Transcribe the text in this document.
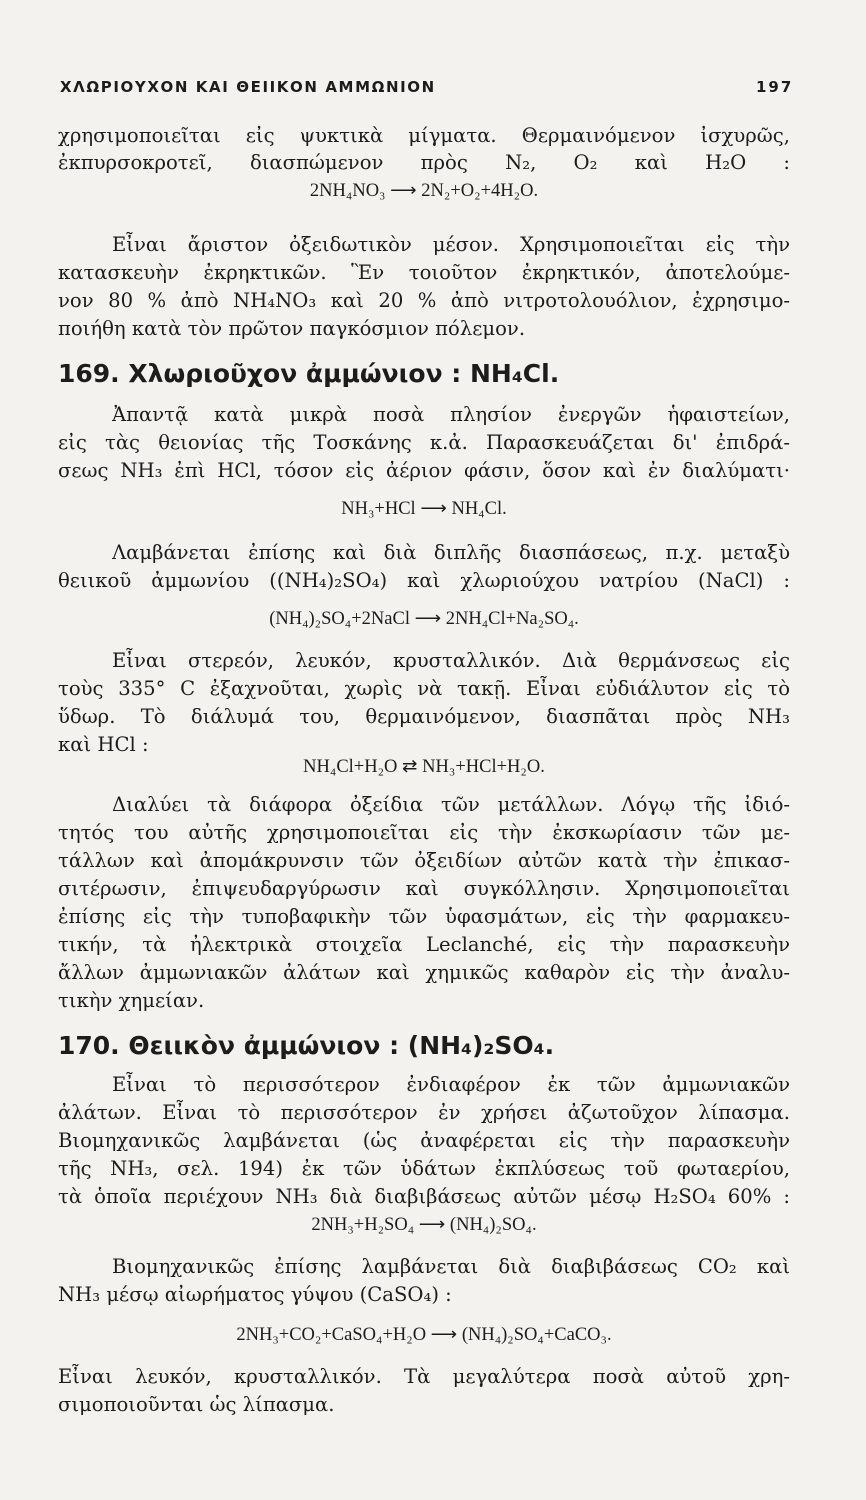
ΧΛΩΡΙΟΥΧΟΝ ΚΑΙ ΘΕΙΙΚΟΝ ΑΜΜΩΝΙΟΝ	197
χρησιμοποιεῖται εἰς ψυκτικὰ μίγματα. Θερμαινόμενον ἰσχυρῶς,
ἐκπυρσοκροτεῖ, διασπώμενον πρὸς N₂, O₂ καὶ H₂O :
2NH₄NO₃ ⟶ 2N₂+O₂+4H₂O.
Εἶναι ἄριστον ὀξειδωτικὸν μέσον. Χρησιμοποιεῖται εἰς τὴν
κατασκευὴν ἐκρηκτικῶν. Ἓν τοιοῦτον ἐκρηκτικόν, ἀποτελούμε-
νον 80 % ἀπὸ NH₄NO₃ καὶ 20 % ἀπὸ νιτροτολουόλιον, ἐχρησιμο-
ποιήθη κατὰ τὸν πρῶτον παγκόσμιον πόλεμον.
169. Χλωριοῦχον ἀμμώνιον : NH₄Cl.
Ἀπαντᾷ κατὰ μικρὰ ποσὰ πλησίον ἐνεργῶν ἡφαιστείων,
εἰς τὰς θειονίας τῆς Τοσκάνης κ.ἀ. Παρασκευάζεται δι' ἐπιδρά-
σεως NH₃ ἐπὶ HCl, τόσον εἰς ἀέριον φάσιν, ὅσον καὶ ἐν διαλύματι·
NH₃+HCl ⟶ NH₄Cl.
Λαμβάνεται ἐπίσης καὶ διὰ διπλῆς διασπάσεως, π.χ. μεταξὺ
θειικοῦ ἀμμωνίου ((NH₄)₂SO₄) καὶ χλωριούχου νατρίου (NaCl) :
(NH₄)₂SO₄+2NaCl ⟶ 2NH₄Cl+Na₂SO₄.
Εἶναι στερεόν, λευκόν, κρυσταλλικόν. Διὰ θερμάνσεως εἰς
τοὺς 335° C ἐξαχνοῦται, χωρὶς νὰ τακῇ. Εἶναι εὐδιάλυτον εἰς τὸ
ὕδωρ. Τὸ διάλυμά του, θερμαινόμενον, διασπᾶται πρὸς NH₃
καὶ HCl :
NH₄Cl+H₂O ⇄ NH₃+HCl+H₂O.
Διαλύει τὰ διάφορα ὀξείδια τῶν μετάλλων. Λόγῳ τῆς ἰδιό-
τητός του αὐτῆς χρησιμοποιεῖται εἰς τὴν ἐκσκωρίασιν τῶν με-
τάλλων καὶ ἀπομάκρυνσιν τῶν ὀξειδίων αὐτῶν κατὰ τὴν ἐπικασ-
σιτέρωσιν, ἐπιψευδαργύρωσιν καὶ συγκόλλησιν. Χρησιμοποιεῖται
ἐπίσης εἰς τὴν τυποβαφικὴν τῶν ὑφασμάτων, εἰς τὴν φαρμακευ-
τικήν, τὰ ἠλεκτρικὰ στοιχεῖα Leclanché, εἰς τὴν παρασκευὴν
ἄλλων ἀμμωνιακῶν ἀλάτων καὶ χημικῶς καθαρὸν εἰς τὴν ἀναλυ-
τικὴν χημείαν.
170. Θειικὸν ἀμμώνιον : (NH₄)₂SO₄.
Εἶναι τὸ περισσότερον ἐνδιαφέρον ἐκ τῶν ἀμμωνιακῶν
ἀλάτων. Εἶναι τὸ περισσότερον ἐν χρήσει ἀζωτοῦχον λίπασμα.
Βιομηχανικῶς λαμβάνεται (ὡς ἀναφέρεται εἰς τὴν παρασκευὴν
τῆς NH₃, σελ. 194) ἐκ τῶν ὑδάτων ἐκπλύσεως τοῦ φωταερίου,
τὰ ὁποῖα περιέχουν NH₃ διὰ διαβιβάσεως αὐτῶν μέσῳ H₂SO₄ 60% :
2NH₃+H₂SO₄ ⟶ (NH₄)₂SO₄.
Βιομηχανικῶς ἐπίσης λαμβάνεται διὰ διαβιβάσεως CO₂ καὶ
NH₃ μέσῳ αἰωρήματος γύψου (CaSO₄) :
2NH₃+CO₂+CaSO₄+H₂O ⟶ (NH₄)₂SO₄+CaCO₃.
Εἶναι λευκόν, κρυσταλλικόν. Τὰ μεγαλύτερα ποσὰ αὐτοῦ χρη-
σιμοποιοῦνται ὡς λίπασμα.
